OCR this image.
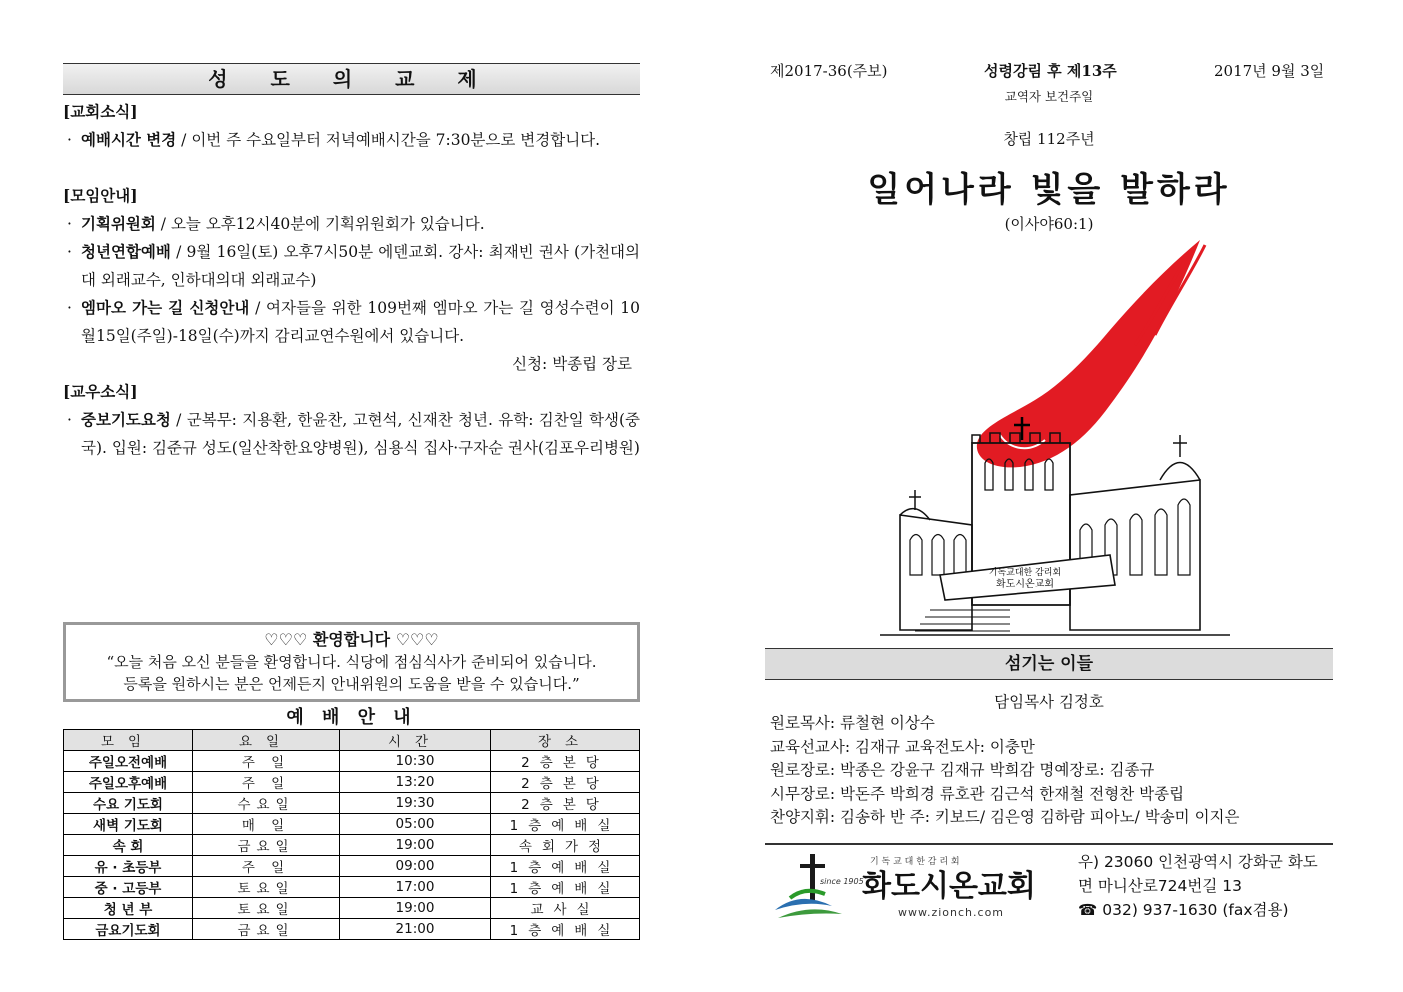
성 도 의 교 제
[교회소식]
· 예배시간 변경 / 이번 주 수요일부터 저녁예배시간을 7:30분으로 변경합니다.
[모임안내]
· 기획위원회 / 오늘 오후12시40분에 기획위원회가 있습니다.
· 청년연합예배 / 9월 16일(토) 오후7시50분 에덴교회. 강사: 최재빈 권사 (가천대의대 외래교수, 인하대의대 외래교수)
· 엠마오 가는 길 신청안내 / 여자들을 위한 109번째 엠마오 가는 길 영성수련이 10월15일(주일)-18일(수)까지 감리교연수원에서 있습니다.
신청: 박종립 장로
[교우소식]
· 중보기도요청 / 군복무: 지용환, 한윤찬, 고현석, 신재찬 청년. 유학: 김찬일 학생(중국). 입원: 김준규 성도(일산착한요양병원), 심용식 집사·구자순 권사(김포우리병원)
♡♡♡ 환영합니다 ♡♡♡
“오늘 처음 오신 분들을 환영합니다. 식당에 점심식사가 준비되어 있습니다.
등록을 원하시는 분은 언제든지 안내위원의 도움을 받을 수 있습니다.”
예 배 안 내
모임	요일	시간	장소
주일오전예배	주 일	10:30	2층본당
주일오후예배	주 일	13:20	2층본당
수요 기도회	수요일	19:30	2층본당
새벽 기도회	매 일	05:00	1층예배실
속 회	금요일	19:00	속회가정
유 · 초등부	주 일	09:00	1층예배실
중 · 고등부	토요일	17:00	1층예배실
청 년 부	토요일	19:00	교사실
금요기도회	금요일	21:00	1층예배실
제2017-36(주보)	성령강림 후 제13주	2017년 9월 3일
교역자 보건주일
창립 112주년
일어나라 빛을 발하라
(이사야60:1)
기독교대한 감리회
화도시온교회
섬기는 이들
담임목사 김정호
원로목사: 류철현 이상수
교육선교사: 김재규 교육전도사: 이충만
원로장로: 박종은 강윤구 김재규 박희감 명예장로: 김종규
시무장로: 박돈주 박희경 류호관 김근석 한재철 전형찬 박종립
찬양지휘: 김송하 반 주: 키보드/ 김은영 김하람 피아노/ 박송미 이지은
since 1905
기 독 교 대 한 감 리 회
화도시온교회
www.zionch.com
우) 23060 인천광역시 강화군 화도
면 마니산로724번길 13
☎ 032) 937-1630 (fax겸용)
